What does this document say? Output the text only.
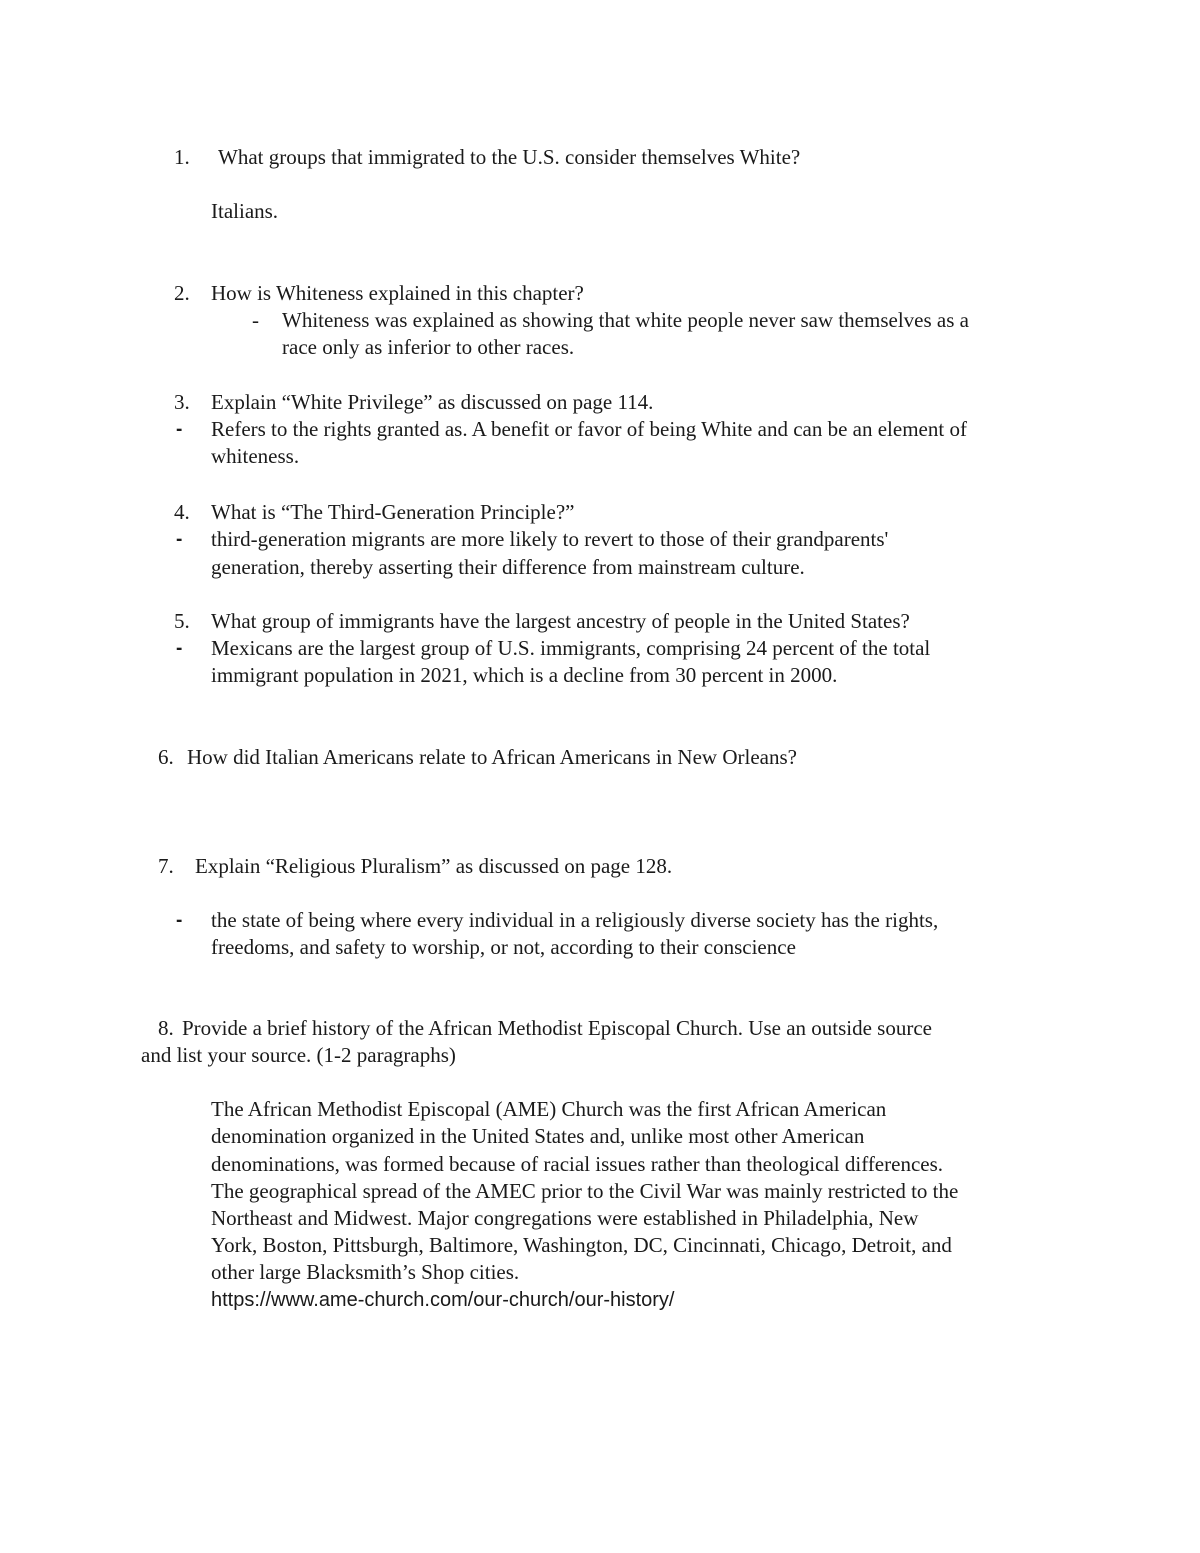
1. What groups that immigrated to the U.S. consider themselves White?
Italians.
2. How is Whiteness explained in this chapter?
- Whiteness was explained as showing that white people never saw themselves as a
race only as inferior to other races.
3. Explain “White Privilege” as discussed on page 114.
- Refers to the rights granted as. A benefit or favor of being White and can be an element of
whiteness.
4. What is “The Third-Generation Principle?”
- third-generation migrants are more likely to revert to those of their grandparents'
generation, thereby asserting their difference from mainstream culture.
5. What group of immigrants have the largest ancestry of people in the United States?
- Mexicans are the largest group of U.S. immigrants, comprising 24 percent of the total
immigrant population in 2021, which is a decline from 30 percent in 2000.
6. How did Italian Americans relate to African Americans in New Orleans?
7. Explain “Religious Pluralism” as discussed on page 128.
- the state of being where every individual in a religiously diverse society has the rights,
freedoms, and safety to worship, or not, according to their conscience
8. Provide a brief history of the African Methodist Episcopal Church. Use an outside source
and list your source. (1-2 paragraphs)
The African Methodist Episcopal (AME) Church was the first African American
denomination organized in the United States and, unlike most other American
denominations, was formed because of racial issues rather than theological differences.
The geographical spread of the AMEC prior to the Civil War was mainly restricted to the
Northeast and Midwest. Major congregations were established in Philadelphia, New
York, Boston, Pittsburgh, Baltimore, Washington, DC, Cincinnati, Chicago, Detroit, and
other large Blacksmith’s Shop cities.
https://www.ame-church.com/our-church/our-history/
